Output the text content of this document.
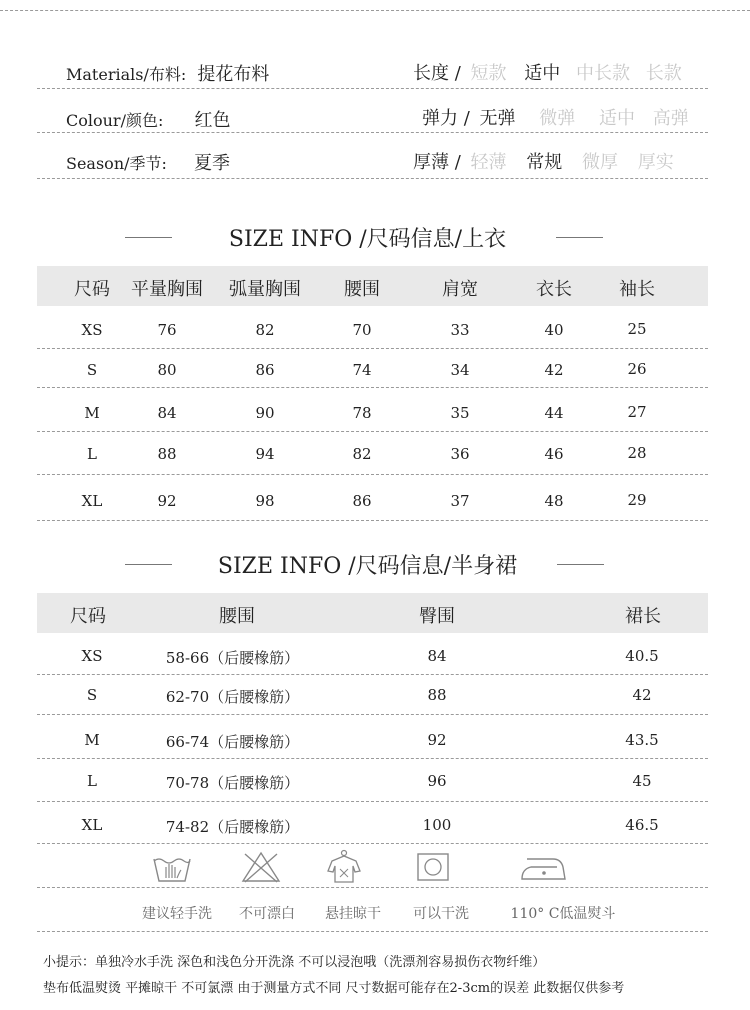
Materials/布料: 提花布料	长度 / 短款 适中 中长款 长款
Colour/颜色: 红色	弹力 / 无弹 微弹 适中 高弹
Season/季节: 夏季	厚薄 / 轻薄 常规 微厚 厚实
SIZE INFO /尺码信息/上衣
尺码	平量胸围	弧量胸围	腰围	肩宽	衣长	袖长
XS	76	82	70	33	40	25
S	80	86	74	34	42	26
M	84	90	78	35	44	27
L	88	94	82	36	46	28
XL	92	98	86	37	48	29
SIZE INFO /尺码信息/半身裙
尺码	腰围	臀围	裙长
XS	58-66（后腰橡筋）	84	40.5
S	62-70（后腰橡筋）	88	42
M	66-74（后腰橡筋）	92	43.5
L	70-78（后腰橡筋）	96	45
XL	74-82（后腰橡筋）	100	46.5
建议轻手洗	不可漂白	悬挂晾干	可以干洗	110° C低温熨斗
小提示：单独冷水手洗 深色和浅色分开洗涤 不可以浸泡哦（洗漂剂容易损伤衣物纤维）
垫布低温熨烫 平摊晾干 不可氯漂 由于测量方式不同 尺寸数据可能存在2-3cm的误差 此数据仅供参考
